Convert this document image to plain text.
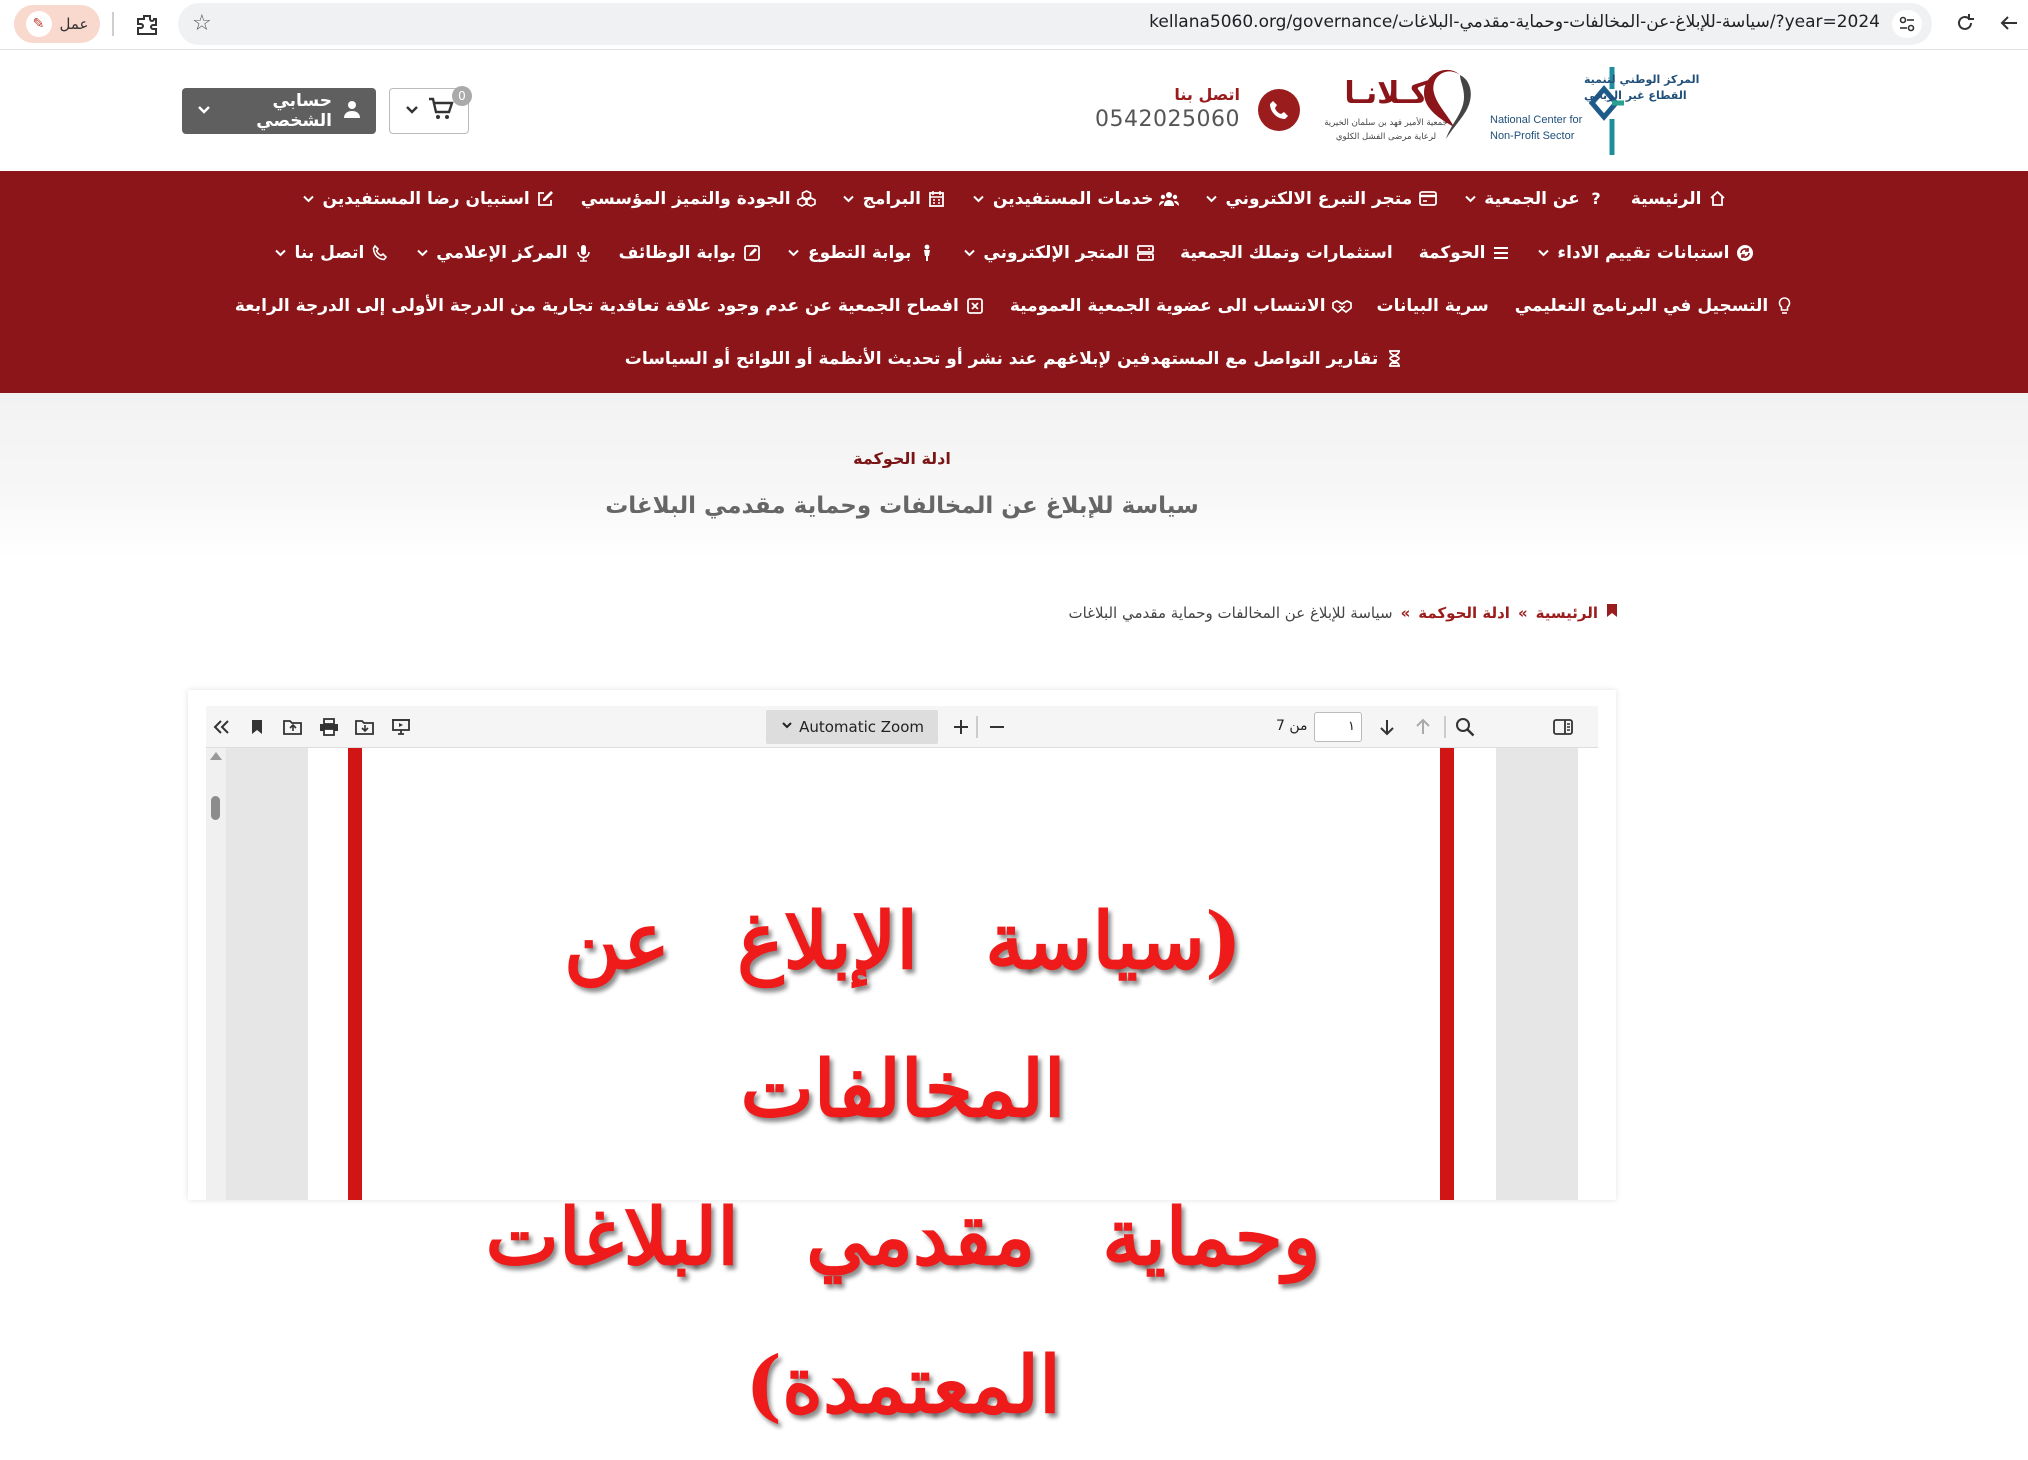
✎	عمل	☆	kellana5060.org/governance/سياسة-للإبلاغ-عن-المخالفات-وحماية-مقدمي-البلاغات/?year=2024
حسابي الشخصي
0	اتصل بنا
0542025060
كـلانـا
جمعية الأمير فهد بن سلمان الخيرية
لرعاية مرضى الفشل الكلوي
المركز الوطني لتنمية
القطاع غير الربحي
National Center for
Non-Profit Sector
الرئيسية
?
عن الجمعية
متجر التبرع الالكتروني
خدمات المستفيدين
البرامج
الجودة والتميز المؤسسي
استبيان رضا المستفيدين
استبانات تقييم الاداء
الحوكمة
استثمارات وتملك الجمعية
المتجر الإلكتروني
بوابة التطوع
بوابة الوظائف
المركز الإعلامي
اتصل بنا
التسجيل في البرنامج التعليمي
سرية البيانات
الانتساب الى عضوية الجمعية العمومية
افصاح الجمعية عن عدم وجود علاقة تعاقدية تجارية من الدرجة الأولى إلى الدرجة الرابعة
تقارير التواصل مع المستهدفين لإبلاغهم عند نشر أو تحديث الأنظمة أو اللوائح أو السياسات
ادلة الحوكمة
سياسة للإبلاغ عن المخالفات وحماية مقدمي البلاغات
الرئيسية
»
ادلة الحوكمة
»
سياسة للإبلاغ عن المخالفات وحماية مقدمي البلاغات
Automatic Zoom	من 7	١
(سياسة الإبلاغ عن المخالفات
وحماية مقدمي البلاغات المعتمدة)
